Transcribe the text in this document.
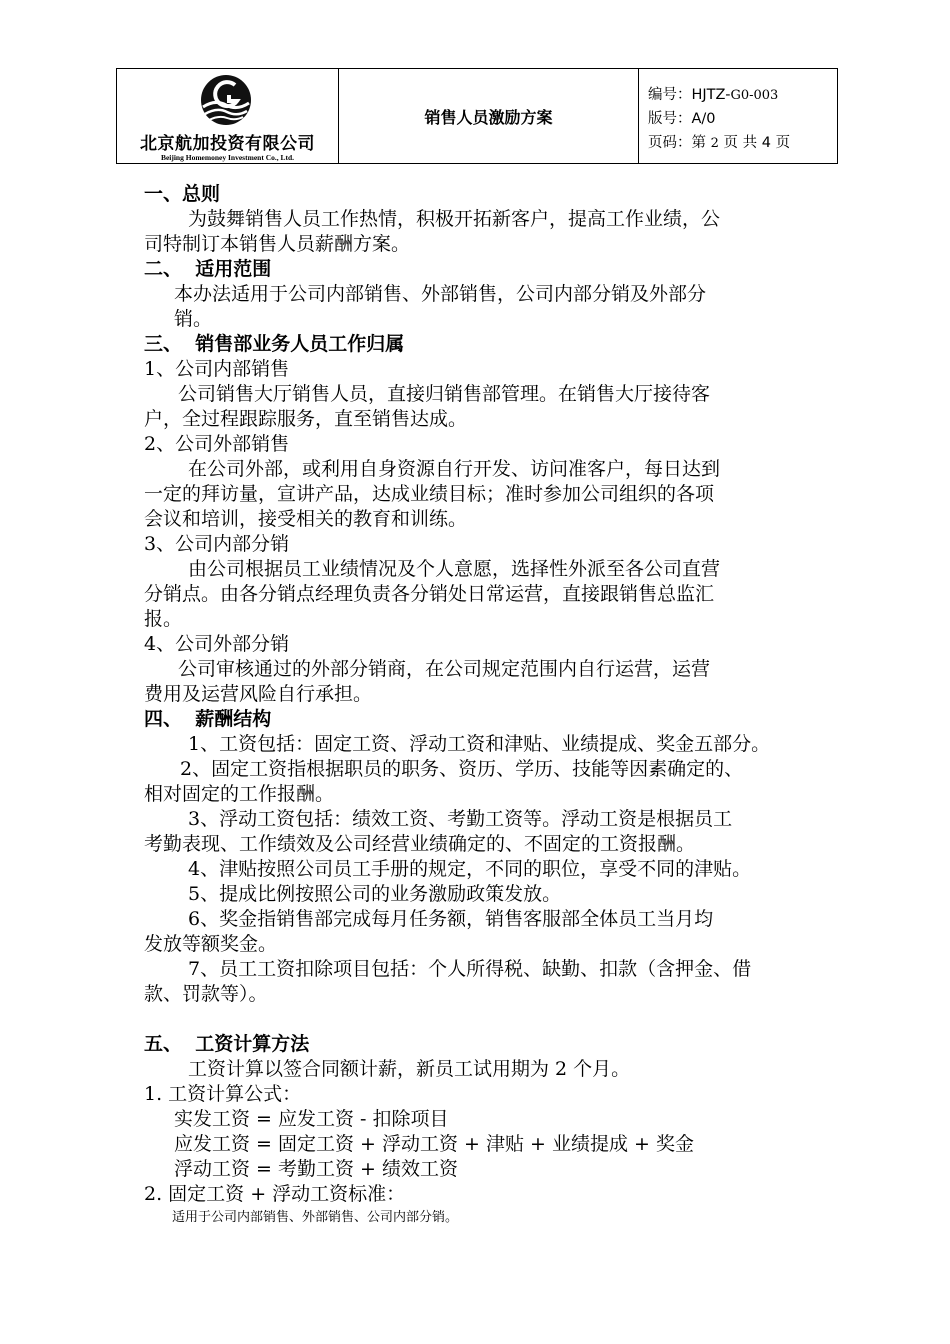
北京航加投资有限公司
Beijing Homemoney Investment Co., Ltd.
销售人员激励方案
编号：HJTZ-G0-003
版号：A/0
页码：第 2 页 共 4 页

一、总则

为鼓舞销售人员工作热情，积极开拓新客户，提高工作业绩，公

司特制订本销售人员薪酬方案。

二、  适用范围

本办法适用于公司内部销售、外部销售，公司内部分销及外部分

销。

三、  销售部业务人员工作归属

1、公司内部销售

公司销售大厅销售人员，直接归销售部管理。在销售大厅接待客

户，全过程跟踪服务，直至销售达成。

2、公司外部销售

在公司外部，或利用自身资源自行开发、访问准客户，每日达到

一定的拜访量，宣讲产品，达成业绩目标；准时参加公司组织的各项

会议和培训，接受相关的教育和训练。

3、公司内部分销

由公司根据员工业绩情况及个人意愿，选择性外派至各公司直营

分销点。由各分销点经理负责各分销处日常运营，直接跟销售总监汇

报。

4、公司外部分销

公司审核通过的外部分销商，在公司规定范围内自行运营，运营

费用及运营风险自行承担。

四、  薪酬结构

1、工资包括：固定工资、浮动工资和津贴、业绩提成、奖金五部分。

2、固定工资指根据职员的职务、资历、学历、技能等因素确定的、

相对固定的工作报酬。

3、浮动工资包括：绩效工资、考勤工资等。浮动工资是根据员工

考勤表现、工作绩效及公司经营业绩确定的、不固定的工资报酬。

4、津贴按照公司员工手册的规定，不同的职位，享受不同的津贴。

5、提成比例按照公司的业务激励政策发放。

6、奖金指销售部完成每月任务额，销售客服部全体员工当月均

发放等额奖金。

7、员工工资扣除项目包括：个人所得税、缺勤、扣款（含押金、借

款、罚款等）。

五、  工资计算方法

工资计算以签合同额计薪，新员工试用期为 2 个月。

1. 工资计算公式：

实发工资 = 应发工资 - 扣除项目

应发工资 = 固定工资 + 浮动工资 + 津贴 + 业绩提成 + 奖金

浮动工资 = 考勤工资 + 绩效工资

2. 固定工资 + 浮动工资标准：

适用于公司内部销售、外部销售、公司内部分销。
